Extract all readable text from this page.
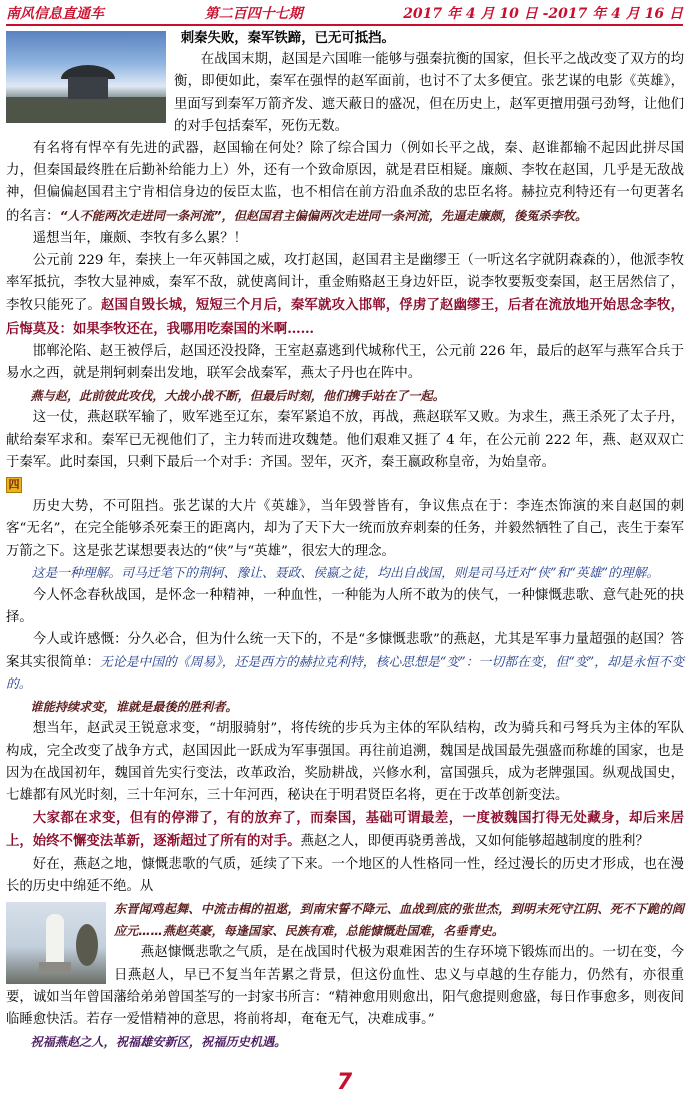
南风信息直通车	第二百四十七期	2017 年 4 月 10 日 -2017 年 4 月 16 日

刺秦失败，秦军铁蹄，已无可抵挡。

在战国末期，赵国是六国唯一能够与强秦抗衡的国家，但长平之战改变了双方的均衡，即便如此，秦军在强悍的赵军面前，也讨不了太多便宜。张艺谋的电影《英雄》，里面写到秦军万箭齐发、遮天蔽日的盛况，但在历史上，赵军更擅用强弓劲弩，让他们的对手包括秦军，死伤无数。

有名将有悍卒有先进的武器，赵国输在何处？除了综合国力（例如长平之战，秦、赵谁都输不起因此拼尽国力，但秦国最终胜在后勤补给能力上）外，还有一个致命原因，就是君臣相疑。廉颇、李牧在赵国，几乎是无敌战神，但偏偏赵国君主宁肯相信身边的佞臣太监，也不相信在前方沿血杀敌的忠臣名将。赫拉克利特还有一句更著名的名言：“人不能两次走进同一条河流”，但赵国君主偏偏两次走进同一条河流，先逼走廉颇，後冤杀李牧。

遥想当年，廉颇、李牧有多么累？！

公元前 229 年，秦挟上一年灭韩国之威，攻打赵国，赵国君主是幽缪王（一听这名字就阴森森的），他派李牧率军抵抗，李牧大显神威，秦军不敌，就使离间计，重金贿赂赵王身边奸臣，说李牧要叛变秦国，赵王居然信了，李牧只能死了。赵国自毁长城，短短三个月后，秦军就攻入邯郸，俘虏了赵幽缪王，后者在流放地开始思念李牧，后悔莫及：如果李牧还在，我哪用吃秦国的米啊……

邯郸沦陷、赵王被俘后，赵国还没投降，王室赵嘉逃到代城称代王，公元前 226 年，最后的赵军与燕军合兵于易水之西，就是荆轲刺秦出发地，联军会战秦军，燕太子丹也在阵中。

燕与赵，此前彼此攻伐，大战小战不断，但最后时刻，他们携手站在了一起。

这一仗，燕赵联军输了，败军逃至辽东，秦军紧追不放，再战，燕赵联军又败。为求生，燕王杀死了太子丹，献给秦军求和。秦军已无视他们了，主力转而进攻魏楚。他们艰难又捱了 4 年，在公元前 222 年，燕、赵双双亡于秦军。此时秦国，只剩下最后一个对手：齐国。翌年，灭齐，秦王嬴政称皇帝，为始皇帝。

四

历史大势，不可阻挡。张艺谋的大片《英雄》，当年毁誉皆有，争议焦点在于：李连杰饰演的来自赵国的刺客“无名”，在完全能够杀死秦王的距离内，却为了天下大一统而放弃刺秦的任务，并毅然牺牲了自己，丧生于秦军万箭之下。这是张艺谋想要表达的“侠”与“英雄”，很宏大的理念。

这是一种理解。司马迁笔下的荆轲、豫让、聂政、侯嬴之徒，均出自战国，则是司马迁对“侠”和“英雄”的理解。

今人怀念春秋战国，是怀念一种精神，一种血性，一种能为人所不敢为的侠气，一种慷慨悲歌、意气赴死的抉择。

今人或许感慨：分久必合，但为什么统一天下的，不是“多慷慨悲歌”的燕赵，尤其是军事力量超强的赵国？答案其实很简单：无论是中国的《周易》，还是西方的赫拉克利特，核心思想是“变”：一切都在变，但“变”，却是永恒不变的。

谁能持续求变，谁就是最後的胜利者。

想当年，赵武灵王锐意求变，“胡服骑射”，将传统的步兵为主体的军队结构，改为骑兵和弓弩兵为主体的军队构成，完全改变了战争方式，赵国因此一跃成为军事强国。再往前追溯，魏国是战国最先强盛而称雄的国家，也是因为在战国初年，魏国首先实行变法，改革政治，奖励耕战，兴修水利，富国强兵，成为老牌强国。纵观战国史，七雄都有风光时刻，三十年河东，三十年河西，秘诀在于明君贤臣名将，更在于改革创新变法。

大家都在求变，但有的停滞了，有的放弃了，而秦国，基础可谓最差，一度被魏国打得无处藏身，却后来居上，始终不懈变法革新，逐渐超过了所有的对手。燕赵之人，即便再骁勇善战，又如何能够超越制度的胜利？

好在，燕赵之地，慷慨悲歌的气质，延续了下来。一个地区的人性格同一性，经过漫长的历史才形成，也在漫长的历史中绵延不绝。从

东晋闻鸡起舞、中流击楫的祖逖，到南宋誓不降元、血战到底的张世杰，到明末死守江阴、死不下跪的阎应元……燕赵英豪，每逢国家、民族有难，总能慷慨赴国难，名垂青史。

燕赵慷慨悲歌之气质，是在战国时代极为艰难困苦的生存环境下锻炼而出的。一切在变，今日燕赵人，早已不复当年苦累之背景，但这份血性、忠义与卓越的生存能力，仍然有，亦很重要，诚如当年曾国藩给弟弟曾国荃写的一封家书所言：“精神愈用则愈出，阳气愈提则愈盛，每日作事愈多，则夜间临睡愈快活。若存一爱惜精神的意思，将前将却，奄奄无气，决难成事。”

祝福燕赵之人，祝福雄安新区，祝福历史机遇。

7
